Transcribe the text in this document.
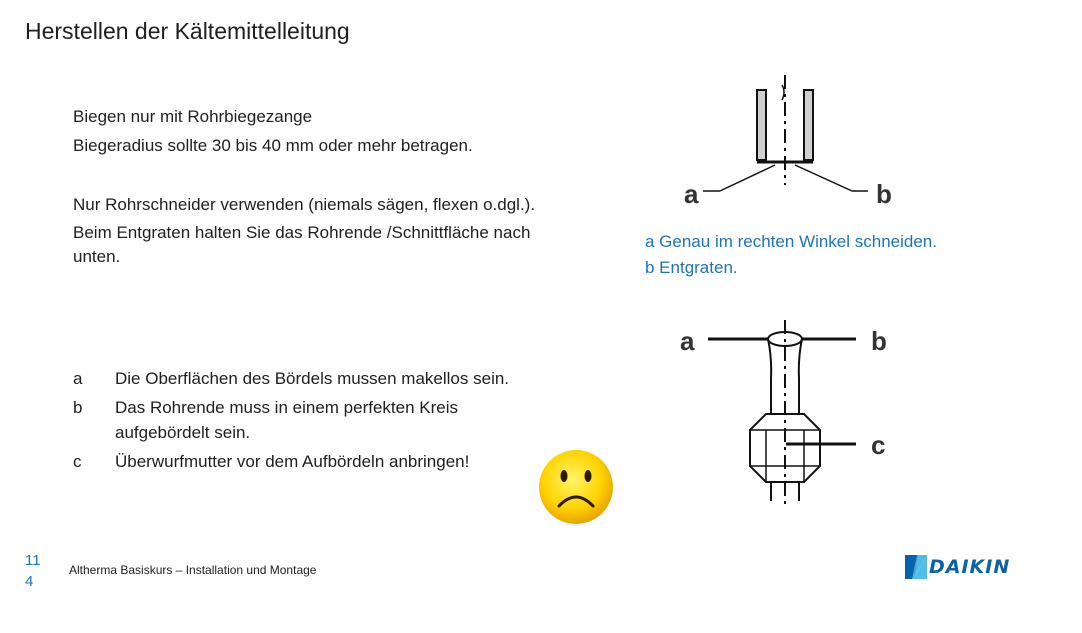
Herstellen der Kältemittelleitung
Biegen nur mit Rohrbiegezange
Biegeradius sollte 30 bis 40 mm oder mehr betragen.
Nur Rohrschneider verwenden (niemals sägen, flexen o.dgl.).
Beim Entgraten halten Sie das Rohrende /Schnittfläche nach
unten.
a	b
a Genau im rechten Winkel schneiden.
b Entgraten.
a	b
c
a	Die Oberflächen des Bördels mussen makellos sein.
b	Das Rohrende muss in einem perfekten Kreis
aufgebördelt sein.
c	Überwurfmutter vor dem Aufbördeln anbringen!
11
4
Altherma Basiskurs – Installation und Montage	DAIKIN
